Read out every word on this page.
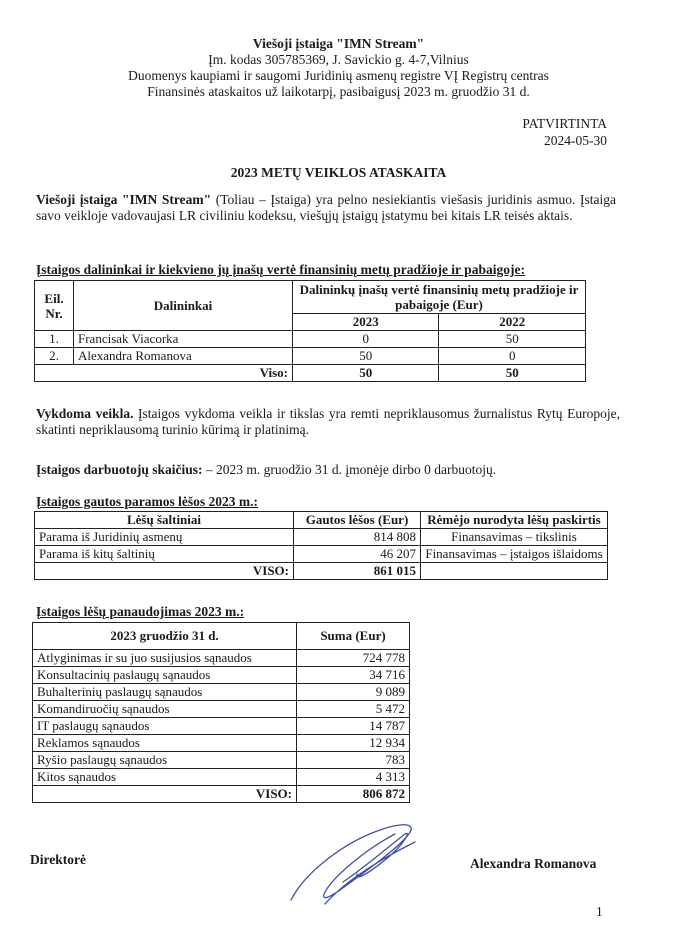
Viešoji įstaiga "IMN Stream"
Įm. kodas 305785369, J. Savickio g. 4-7,Vilnius
Duomenys kaupiami ir saugomi Juridinių asmenų registre VĮ Registrų centras
Finansinės ataskaitos už laikotarpį, pasibaigusį 2023 m. gruodžio 31 d.
PATVIRTINTA
2024-05-30
2023 METŲ VEIKLOS ATASKAITA
Viešoji įstaiga "IMN Stream" (Toliau – Įstaiga) yra pelno nesiekiantis viešasis juridinis asmuo. Įstaiga savo veikloje vadovaujasi LR civiliniu kodeksu, viešųjų įstaigų įstatymu bei kitais LR teisės aktais.
Įstaigos dalininkai ir kiekvieno jų įnašų vertė finansinių metų pradžioje ir pabaigoje:
Eil. Nr.	Dalininkai	Dalininkų įnašų vertė finansinių metų pradžioje ir pabaigoje (Eur)	
		2023	2022
1.	Francisak Viacorka	0	50
2.	Alexandra Romanova	50	0
Viso:		50	50
Vykdoma veikla. Įstaigos vykdoma veikla ir tikslas yra remti nepriklausomus žurnalistus Rytų Europoje, skatinti nepriklausomą turinio kūrimą ir platinimą.
Įstaigos darbuotojų skaičius: – 2023 m. gruodžio 31 d. įmonėje dirbo 0 darbuotojų.
Įstaigos gautos paramos lėšos 2023 m.:
Lėšų šaltiniai	Gautos lėšos (Eur)	Rėmėjo nurodyta lėšų paskirtis
Parama iš Juridinių asmenų	814 808	Finansavimas – tikslinis
Parama iš kitų šaltinių	46 207	Finansavimas – įstaigos išlaidoms
VISO:	861 015	
Įstaigos lėšų panaudojimas 2023 m.:
2023 gruodžio 31 d.	Suma (Eur)
Atlyginimas ir su juo susijusios sąnaudos	724 778
Konsultacinių paslaugų sąnaudos	34 716
Buhalterinių paslaugų sąnaudos	9 089
Komandiruočių sąnaudos	5 472
IT paslaugų sąnaudos	14 787
Reklamos sąnaudos	12 934
Ryšio paslaugų sąnaudos	783
Kitos sąnaudos	4 313
VISO:	806 872
Direktorė	Alexandra Romanova
1
